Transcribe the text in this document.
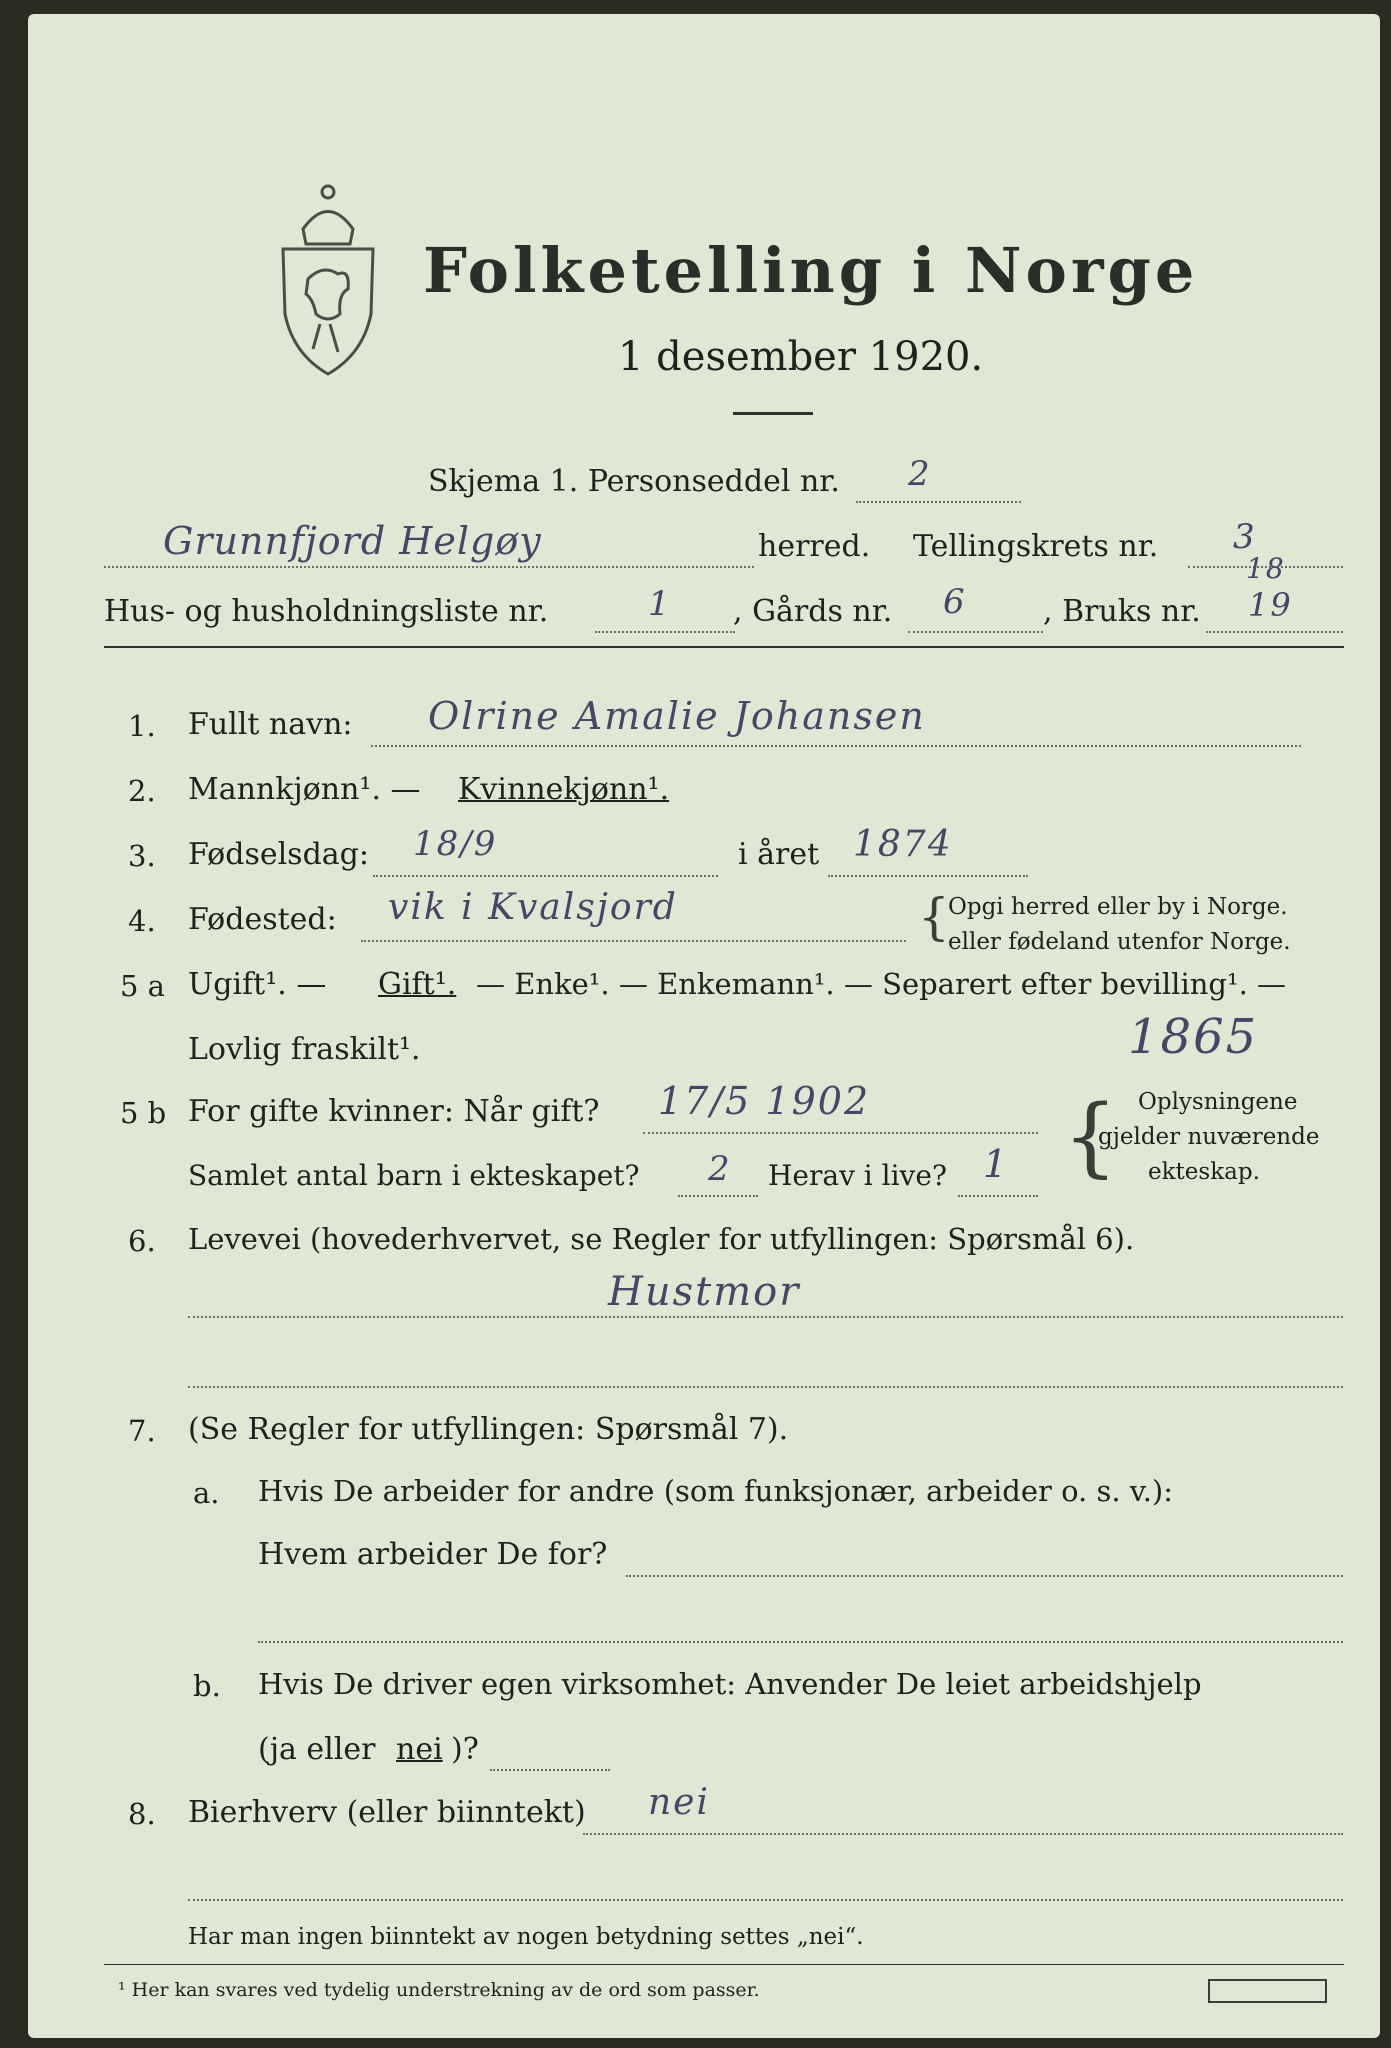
Folketelling i Norge
1 desember 1920.
Skjema 1. Personseddel nr. 2
Grunnfjord Helgøy	herred. Tellingskrets nr. 3
Hus- og husholdningsliste nr.	1 , Gårds nr. 6	, Bruks nr.
18
19
1. Fullt navn: Olrine Amalie Johansen
2. Mannkjønn¹. — Kvinnekjønn¹.
3. Fødselsdag: 18/9	i året 1874
4. Fødested: vik i Kvalsjord	{
Opgi herred eller by i Norge.
eller fødeland utenfor Norge.
5 a Ugift¹. — Gift¹. — Enke¹. — Enkemann¹. — Separert efter bevilling¹. —
Lovlig fraskilt¹.	1865
5 b For gifte kvinner: Når gift? 17/5 1902
Samlet antal barn i ekteskapet? 2 Herav i live? 1 { Oplysningene
gjelder nuværende
ekteskap.
6. Levevei (hovederhvervet, se Regler for utfyllingen: Spørsmål 6).
Hustmor
7. (Se Regler for utfyllingen: Spørsmål 7).
a. Hvis De arbeider for andre (som funksjonær, arbeider o. s. v.):
Hvem arbeider De for?
b. Hvis De driver egen virksomhet: Anvender De leiet arbeidshjelp
(ja eller nei )?
8. Bierhverv (eller biinntekt) nei
Har man ingen biinntekt av nogen betydning settes „nei“.
¹ Her kan svares ved tydelig understrekning av de ord som passer.
